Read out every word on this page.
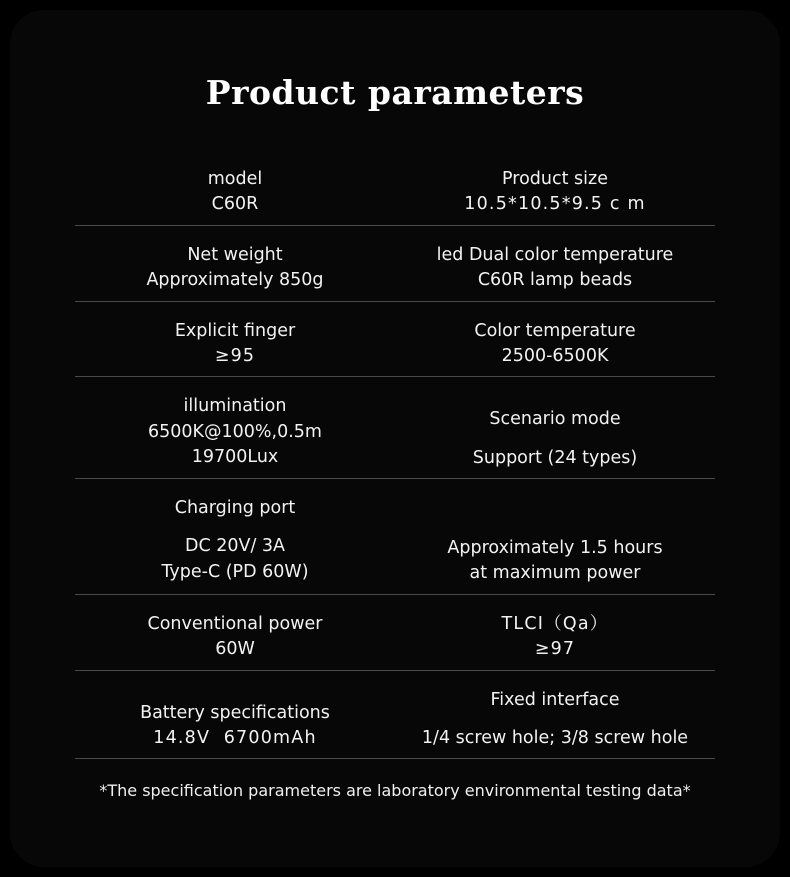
Product parameters
model
C60R
Product size
10.5*10.5*9.5 c m
Net weight
Approximately 850g
led Dual color temperature
C60R lamp beads
Explicit finger
≥95
Color temperature
2500-6500K
illumination
6500K@100%,0.5m
19700Lux
Scenario mode
Support (24 types)
Charging port
DC 20V/ 3A
Type-C (PD 60W)
Approximately 1.5 hours
at maximum power
Conventional power
60W
TLCI（Qa）
≥97
Battery specifications
14.8V  6700mAh
Fixed interface
1/4 screw hole; 3/8 screw hole
*The specification parameters are laboratory environmental testing data*
